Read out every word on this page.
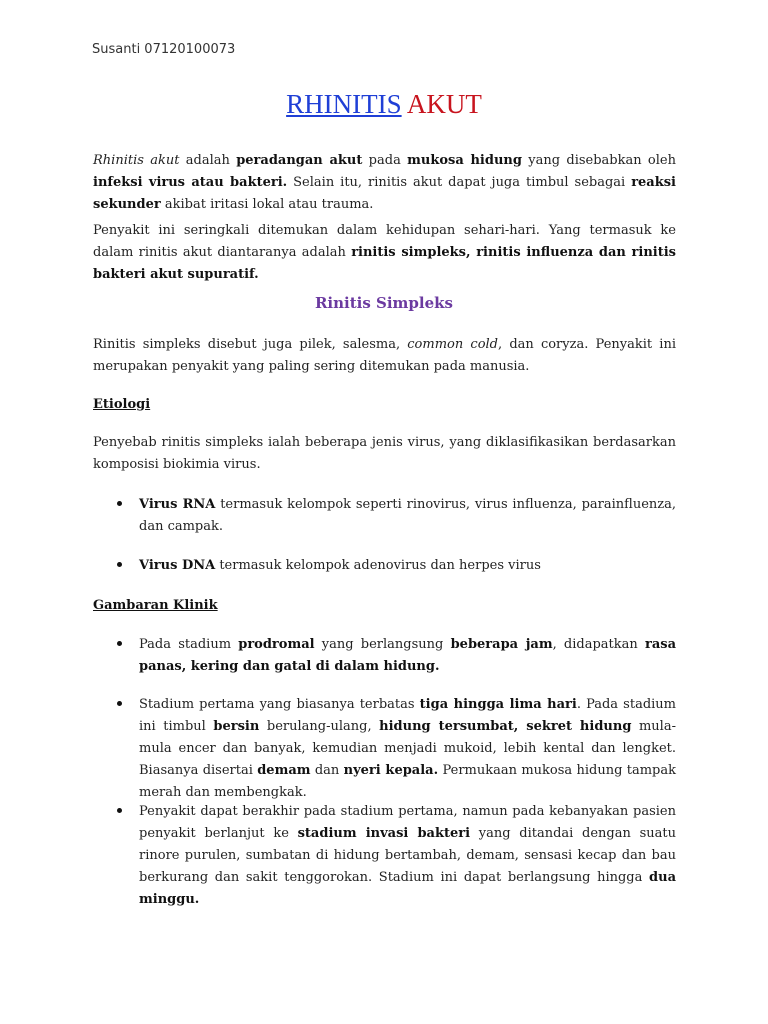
Susanti 07120100073
RHINITIS AKUT
Rhinitis akut adalah peradangan akut pada mukosa hidung yang disebabkan oleh infeksi virus atau bakteri. Selain itu, rinitis akut dapat juga timbul sebagai reaksi sekunder akibat iritasi lokal atau trauma.
Penyakit ini seringkali ditemukan dalam kehidupan sehari-hari. Yang termasuk ke dalam rinitis akut diantaranya adalah rinitis simpleks, rinitis influenza dan rinitis bakteri akut supuratif.
Rinitis Simpleks
Rinitis simpleks disebut juga pilek, salesma, common cold, dan coryza. Penyakit ini merupakan penyakit yang paling sering ditemukan pada manusia.
Etiologi
Penyebab rinitis simpleks ialah beberapa jenis virus, yang diklasifikasikan berdasarkan komposisi biokimia virus.
Virus RNA termasuk kelompok seperti rinovirus, virus influenza, parainfluenza, dan campak.
Virus DNA termasuk kelompok adenovirus dan herpes virus
Gambaran Klinik
Pada stadium prodromal yang berlangsung beberapa jam, didapatkan rasa panas, kering dan gatal di dalam hidung.
Stadium pertama yang biasanya terbatas tiga hingga lima hari. Pada stadium ini timbul bersin berulang-ulang, hidung tersumbat, sekret hidung mula-mula encer dan banyak, kemudian menjadi mukoid, lebih kental dan lengket. Biasanya disertai demam dan nyeri kepala. Permukaan mukosa hidung tampak merah dan membengkak.
Penyakit dapat berakhir pada stadium pertama, namun pada kebanyakan pasien penyakit berlanjut ke stadium invasi bakteri yang ditandai dengan suatu rinore purulen, sumbatan di hidung bertambah, demam, sensasi kecap dan bau berkurang dan sakit tenggorokan. Stadium ini dapat berlangsung hingga dua minggu.
